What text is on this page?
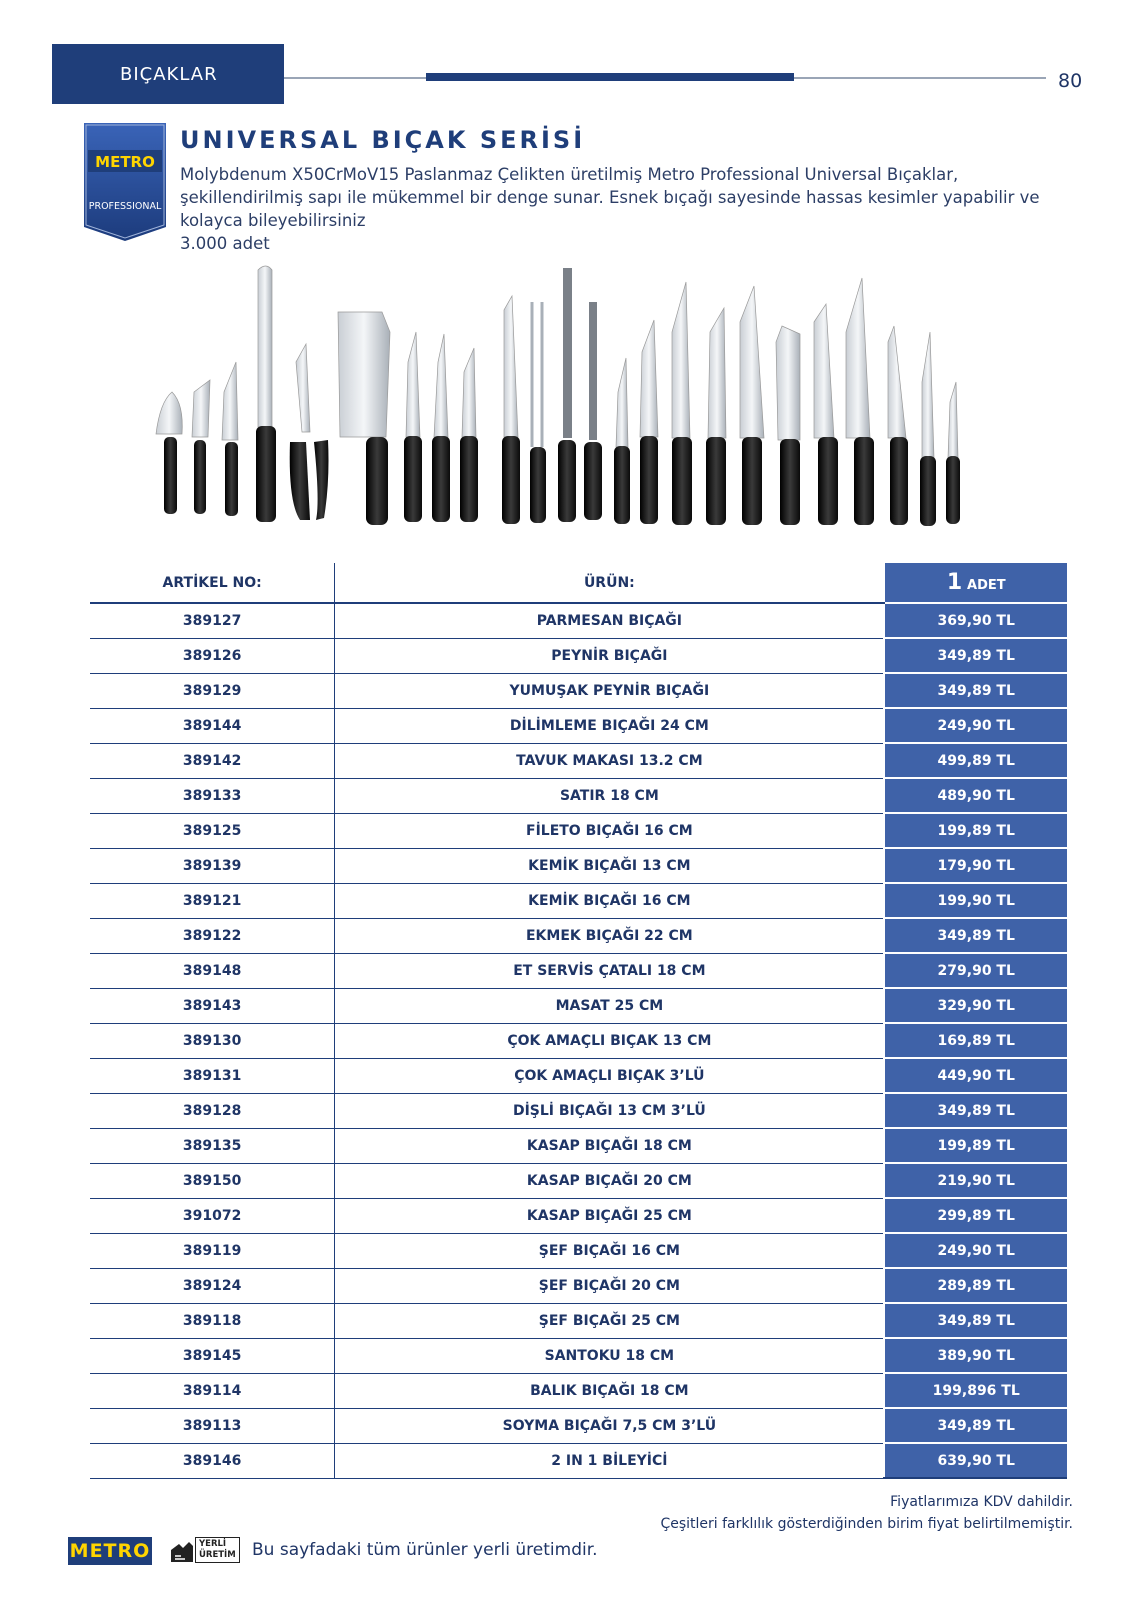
BIÇAKLAR	80
METRO
PROFESSIONAL
UNIVERSAL BIÇAK SERİSİ
Molybdenum X50CrMoV15 Paslanmaz Çelikten üretilmiş Metro Professional Universal Bıçaklar, şekillendirilmiş sapı ile mükemmel bir denge sunar. Esnek bıçağı sayesinde hassas kesimler yapabilir ve kolayca bileyebilirsiniz
3.000 adet
ARTİKEL NO:	ÜRÜN:	1 ADET
389127	PARMESAN BIÇAĞI	369,90 TL
389126	PEYNİR BIÇAĞI	349,89 TL
389129	YUMUŞAK PEYNİR BIÇAĞI	349,89 TL
389144	DİLİMLEME BIÇAĞI 24 CM	249,90 TL
389142	TAVUK MAKASI 13.2 CM	499,89 TL
389133	SATIR 18 CM	489,90 TL
389125	FİLETO BIÇAĞI 16 CM	199,89 TL
389139	KEMİK BIÇAĞI 13 CM	179,90 TL
389121	KEMİK BIÇAĞI 16 CM	199,90 TL
389122	EKMEK BIÇAĞI 22 CM	349,89 TL
389148	ET SERVİS ÇATALI 18 CM	279,90 TL
389143	MASAT 25 CM	329,90 TL
389130	ÇOK AMAÇLI BIÇAK 13 CM	169,89 TL
389131	ÇOK AMAÇLI BIÇAK 3’LÜ	449,90 TL
389128	DİŞLİ BIÇAĞI 13 CM 3’LÜ	349,89 TL
389135	KASAP BIÇAĞI 18 CM	199,89 TL
389150	KASAP BIÇAĞI 20 CM	219,90 TL
391072	KASAP BIÇAĞI 25 CM	299,89 TL
389119	ŞEF BIÇAĞI 16 CM	249,90 TL
389124	ŞEF BIÇAĞI 20 CM	289,89 TL
389118	ŞEF BIÇAĞI 25 CM	349,89 TL
389145	SANTOKU 18 CM	389,90 TL
389114	BALIK BIÇAĞI 18 CM	199,896 TL
389113	SOYMA BIÇAĞI 7,5 CM 3’LÜ	349,89 TL
389146	2 IN 1 BİLEYİCİ	639,90 TL
Fiyatlarımıza KDV dahildir.
Çeşitleri farklılık gösterdiğinden birim fiyat belirtilmemiştir.
METRO	YERLİ
ÜRETİM Bu sayfadaki tüm ürünler yerli üretimdir.
